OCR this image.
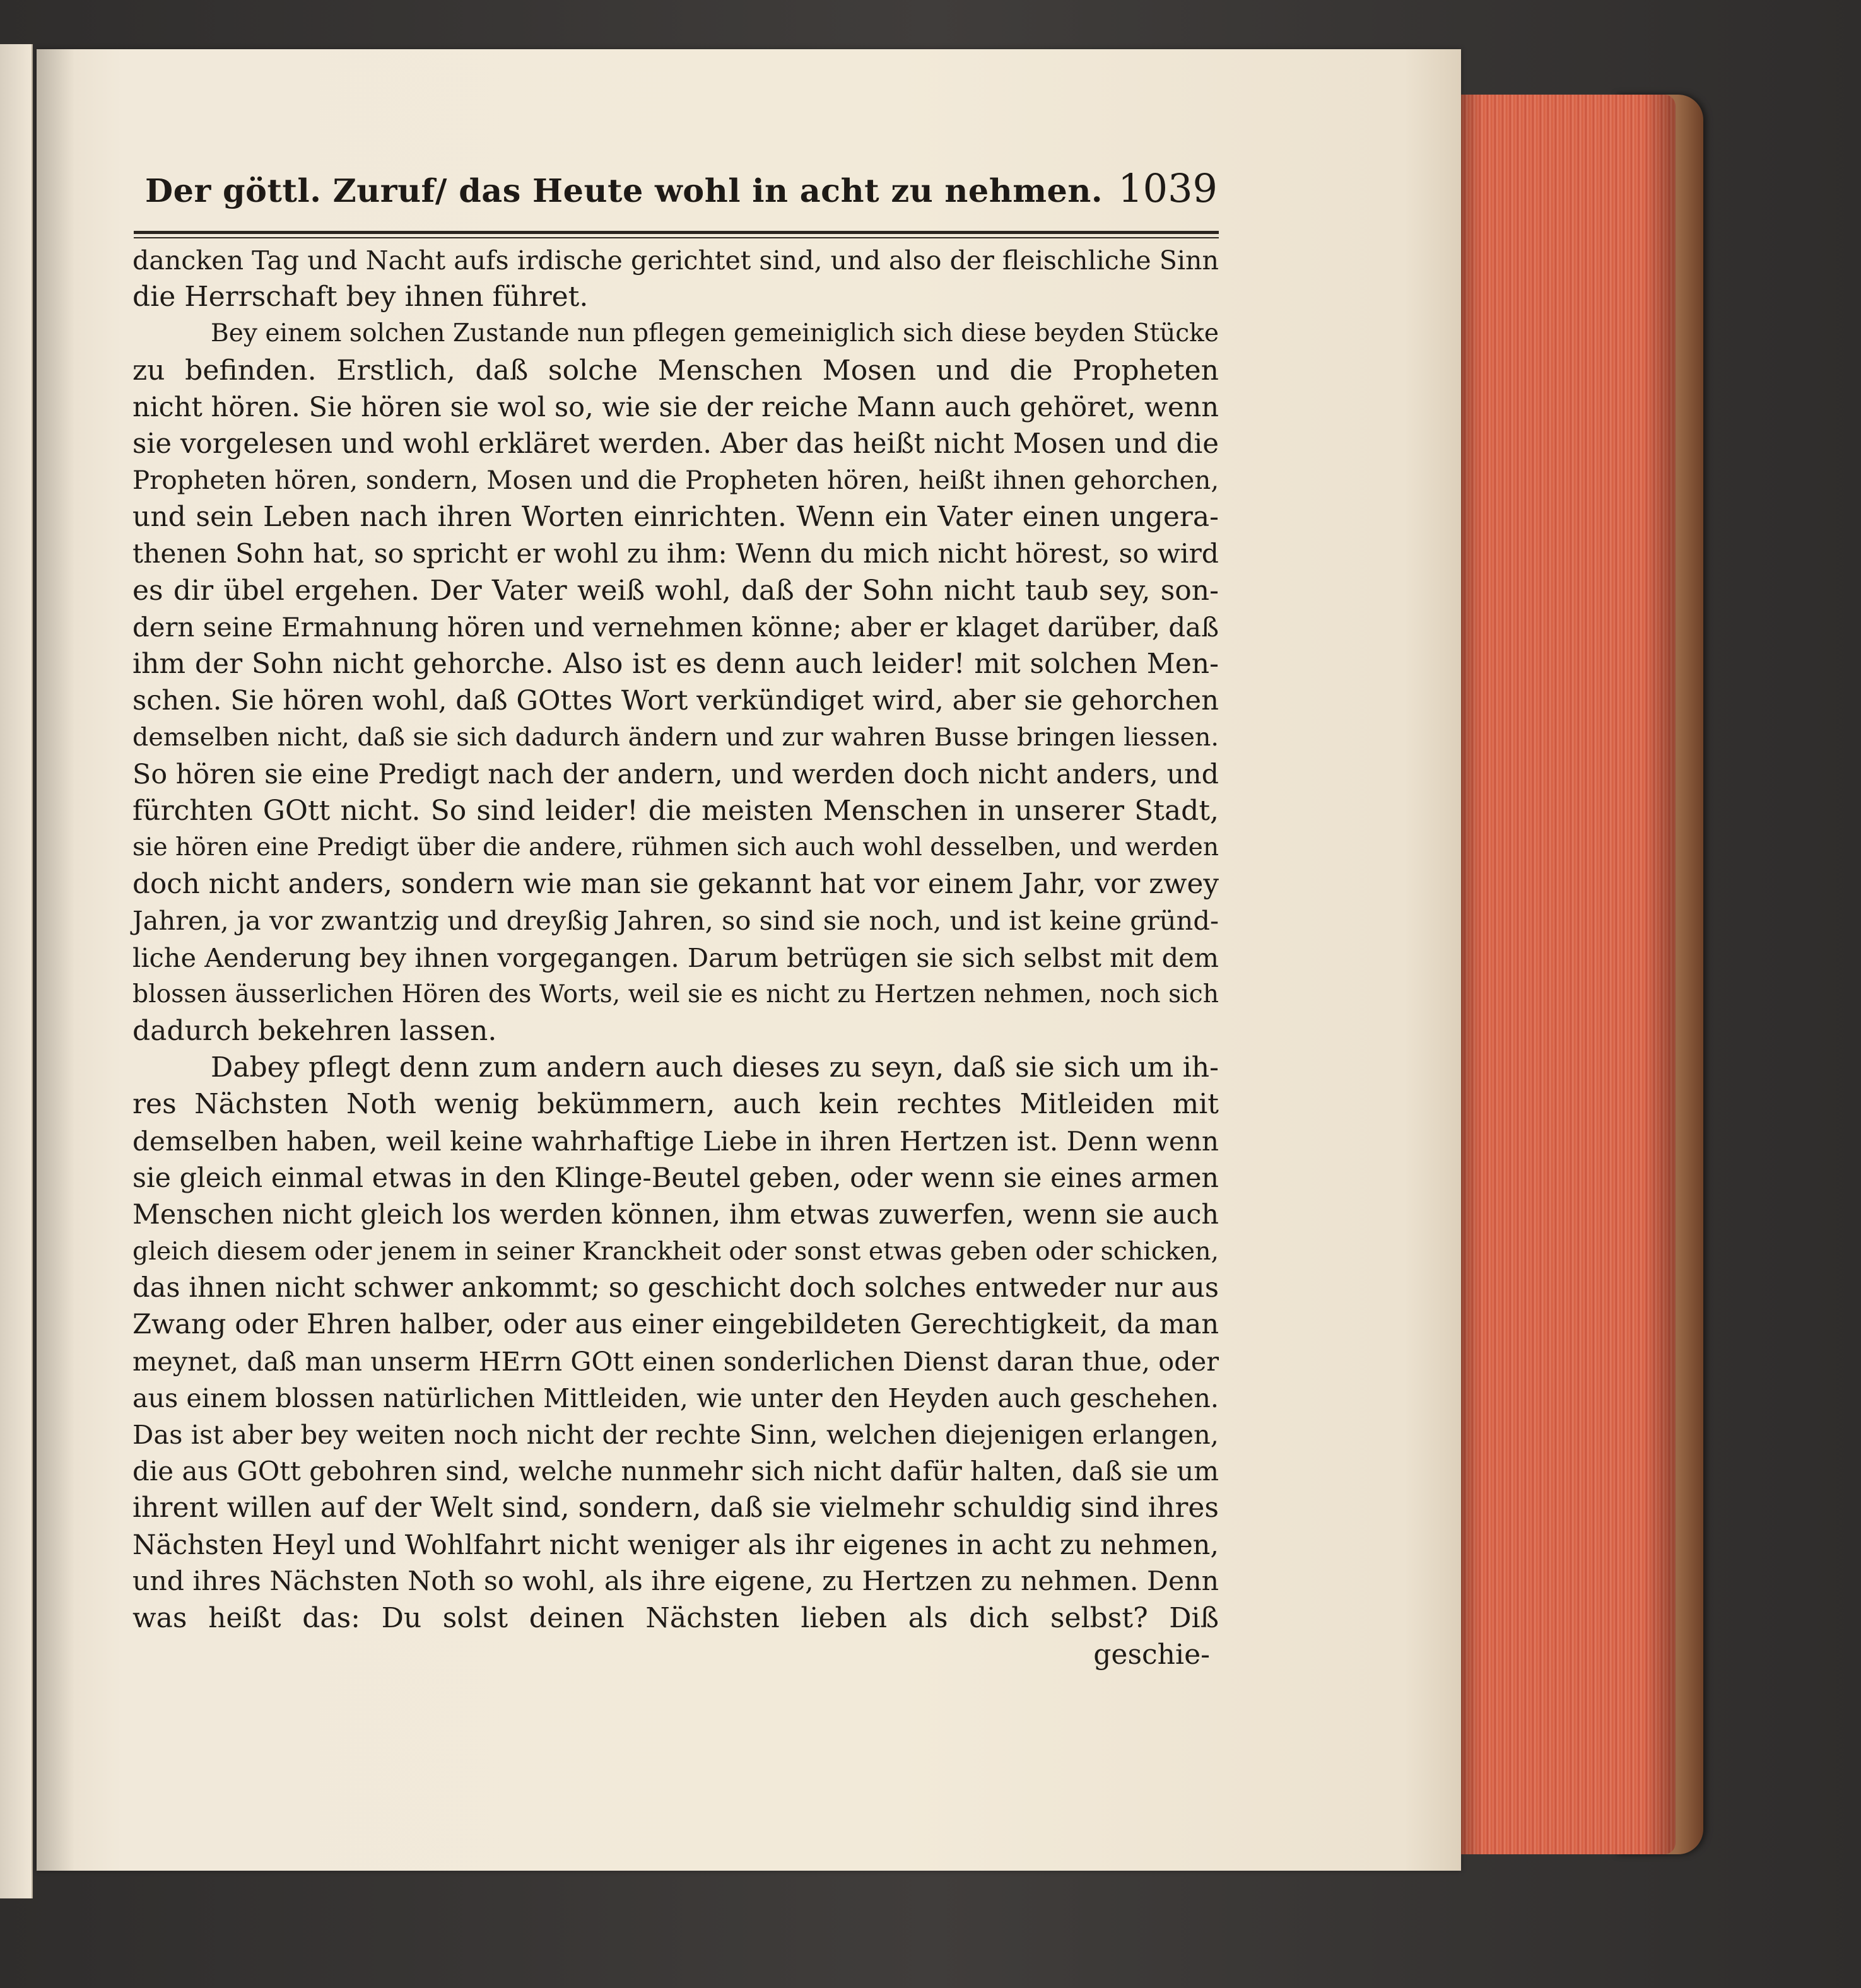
Der göttl. Zuruf/ das Heute wohl in acht zu nehmen. 1039
dancken Tag und Nacht aufs irdische gerichtet sind, und also der fleischliche Sinn
die Herrschaft bey ihnen führet.
Bey einem solchen Zustande nun pflegen gemeiniglich sich diese beyden Stücke
zu befinden. Erstlich, daß solche Menschen Mosen und die Propheten
nicht hören. Sie hören sie wol so, wie sie der reiche Mann auch gehöret, wenn
sie vorgelesen und wohl erkläret werden. Aber das heißt nicht Mosen und die
Propheten hören, sondern, Mosen und die Propheten hören, heißt ihnen gehorchen,
und sein Leben nach ihren Worten einrichten. Wenn ein Vater einen ungera-
thenen Sohn hat, so spricht er wohl zu ihm: Wenn du mich nicht hörest, so wird
es dir übel ergehen. Der Vater weiß wohl, daß der Sohn nicht taub sey, son-
dern seine Ermahnung hören und vernehmen könne; aber er klaget darüber, daß
ihm der Sohn nicht gehorche. Also ist es denn auch leider! mit solchen Men-
schen. Sie hören wohl, daß GOttes Wort verkündiget wird, aber sie gehorchen
demselben nicht, daß sie sich dadurch ändern und zur wahren Busse bringen liessen.
So hören sie eine Predigt nach der andern, und werden doch nicht anders, und
fürchten GOtt nicht. So sind leider! die meisten Menschen in unserer Stadt,
sie hören eine Predigt über die andere, rühmen sich auch wohl desselben, und werden
doch nicht anders, sondern wie man sie gekannt hat vor einem Jahr, vor zwey
Jahren, ja vor zwantzig und dreyßig Jahren, so sind sie noch, und ist keine gründ-
liche Aenderung bey ihnen vorgegangen. Darum betrügen sie sich selbst mit dem
blossen äusserlichen Hören des Worts, weil sie es nicht zu Hertzen nehmen, noch sich
dadurch bekehren lassen.
Dabey pflegt denn zum andern auch dieses zu seyn, daß sie sich um ih-
res Nächsten Noth wenig bekümmern, auch kein rechtes Mitleiden mit
demselben haben, weil keine wahrhaftige Liebe in ihren Hertzen ist. Denn wenn
sie gleich einmal etwas in den Klinge-Beutel geben, oder wenn sie eines armen
Menschen nicht gleich los werden können, ihm etwas zuwerfen, wenn sie auch
gleich diesem oder jenem in seiner Kranckheit oder sonst etwas geben oder schicken,
das ihnen nicht schwer ankommt; so geschicht doch solches entweder nur aus
Zwang oder Ehren halber, oder aus einer eingebildeten Gerechtigkeit, da man
meynet, daß man unserm HErrn GOtt einen sonderlichen Dienst daran thue, oder
aus einem blossen natürlichen Mittleiden, wie unter den Heyden auch geschehen.
Das ist aber bey weiten noch nicht der rechte Sinn, welchen diejenigen erlangen,
die aus GOtt gebohren sind, welche nunmehr sich nicht dafür halten, daß sie um
ihrent willen auf der Welt sind, sondern, daß sie vielmehr schuldig sind ihres
Nächsten Heyl und Wohlfahrt nicht weniger als ihr eigenes in acht zu nehmen,
und ihres Nächsten Noth so wohl, als ihre eigene, zu Hertzen zu nehmen. Denn
was heißt das: Du solst deinen Nächsten lieben als dich selbst? Diß
geschie-
